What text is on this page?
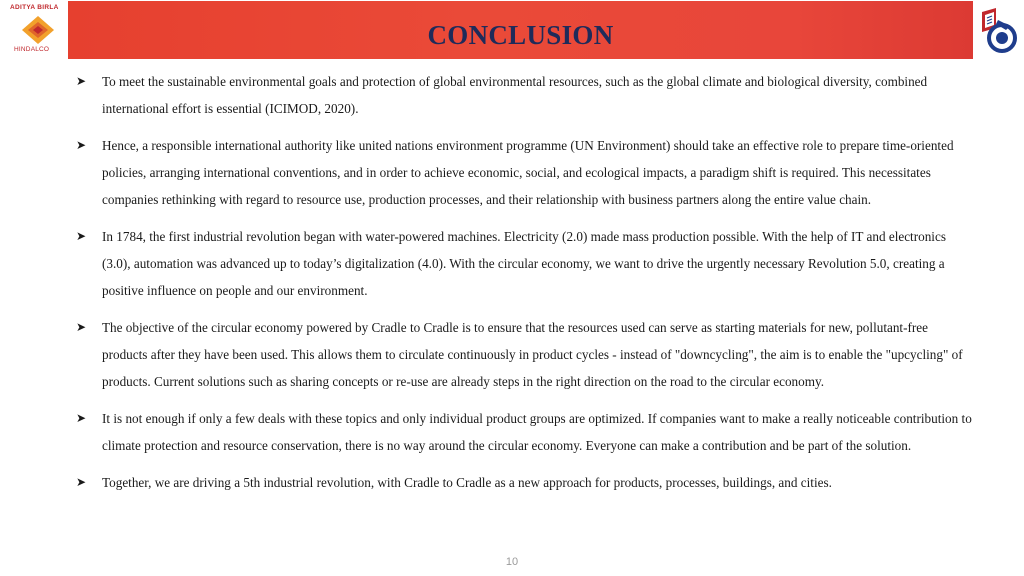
ADITYA BIRLA
HINDALCO	CONCLUSION
➤ To meet the sustainable environmental goals and protection of global environmental resources, such as the global climate and biological diversity, combined international effort is essential (ICIMOD, 2020).
➤ Hence, a responsible international authority like united nations environment programme (UN Environment) should take an effective role to prepare time-oriented policies, arranging international conventions, and in order to achieve economic, social, and ecological impacts, a paradigm shift is required. This necessitates companies rethinking with regard to resource use, production processes, and their relationship with business partners along the entire value chain.
➤ In 1784, the first industrial revolution began with water-powered machines. Electricity (2.0) made mass production possible. With the help of IT and electronics (3.0), automation was advanced up to today’s digitalization (4.0). With the circular economy, we want to drive the urgently necessary Revolution 5.0, creating a positive influence on people and our environment.
➤ The objective of the circular economy powered by Cradle to Cradle is to ensure that the resources used can serve as starting materials for new, pollutant-free products after they have been used. This allows them to circulate continuously in product cycles - instead of "downcycling", the aim is to enable the "upcycling" of products. Current solutions such as sharing concepts or re-use are already steps in the right direction on the road to the circular economy.
➤ It is not enough if only a few deals with these topics and only individual product groups are optimized. If companies want to make a really noticeable contribution to climate protection and resource conservation, there is no way around the circular economy. Everyone can make a contribution and be part of the solution.
➤ Together, we are driving a 5th industrial revolution, with Cradle to Cradle as a new approach for products, processes, buildings, and cities.
10
